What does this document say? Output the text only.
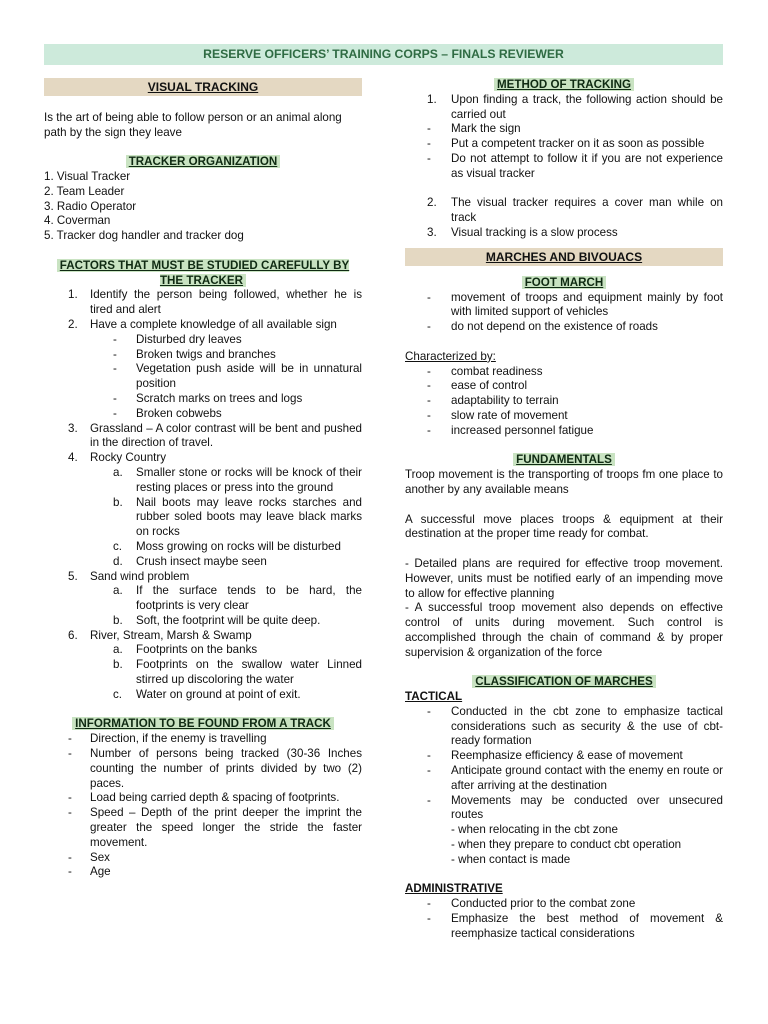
RESERVE OFFICERS’ TRAINING CORPS – FINALS REVIEWER
VISUAL TRACKING

Is the art of being able to follow person or an animal along path by the sign they leave

TRACKER ORGANIZATION
1. Visual Tracker
2. Team Leader
3. Radio Operator
4. Coverman
5. Tracker dog handler and tracker dog
FACTORS THAT MUST BE STUDIED CAREFULLY BY THE TRACKER
1. Identify the person being followed, whether he is tired and alert
2. Have a complete knowledge of all available sign
- Disturbed dry leaves
- Broken twigs and branches
- Vegetation push aside will be in unnatural position
- Scratch marks on trees and logs
- Broken cobwebs
3. Grassland – A color contrast will be bent and pushed in the direction of travel.
4. Rocky Country
a. Smaller stone or rocks will be knock of their resting places or press into the ground
b. Nail boots may leave rocks starches and rubber soled boots may leave black marks on rocks
c. Moss growing on rocks will be disturbed
d. Crush insect maybe seen
5. Sand wind problem
a. If the surface tends to be hard, the footprints is very clear
b. Soft, the footprint will be quite deep.
6. River, Stream, Marsh & Swamp
a. Footprints on the banks
b. Footprints on the swallow water Linned stirred up discoloring the water
c. Water on ground at point of exit.
INFORMATION TO BE FOUND FROM A TRACK
- Direction, if the enemy is travelling
- Number of persons being tracked (30-36 Inches counting the number of prints divided by two (2) paces.
- Load being carried depth & spacing of footprints.
- Speed – Depth of the print deeper the imprint the greater the speed longer the stride the faster movement.
- Sex
- Age
METHOD OF TRACKING
1. Upon finding a track, the following action should be carried out
- Mark the sign
- Put a competent tracker on it as soon as possible
- Do not attempt to follow it if you are not experience as visual tracker
2. The visual tracker requires a cover man while on track
3. Visual tracking is a slow process
MARCHES AND BIVOUACS
FOOT MARCH
- movement of troops and equipment mainly by foot with limited support of vehicles
- do not depend on the existence of roads

Characterized by:

- combat readiness
- ease of control
- adaptability to terrain
- slow rate of movement
- increased personnel fatigue
FUNDAMENTALS

Troop movement is the transporting of troops fm one place to another by any available means

A successful move places troops & equipment at their destination at the proper time ready for combat.

- Detailed plans are required for effective troop movement. However, units must be notified early of an impending move to allow for effective planning

- A successful troop movement also depends on effective control of units during movement. Such control is accomplished through the chain of command & by proper supervision & organization of the force

CLASSIFICATION OF MARCHES

TACTICAL

- Conducted in the cbt zone to emphasize tactical considerations such as security & the use of cbt-ready formation
- Reemphasize efficiency & ease of movement
- Anticipate ground contact with the enemy en route or after arriving at the destination
- Movements may be conducted over unsecured routes
- when relocating in the cbt zone
- when they prepare to conduct cbt operation
- when contact is made

ADMINISTRATIVE

- Conducted prior to the combat zone
- Emphasize the best method of movement & reemphasize tactical considerations
